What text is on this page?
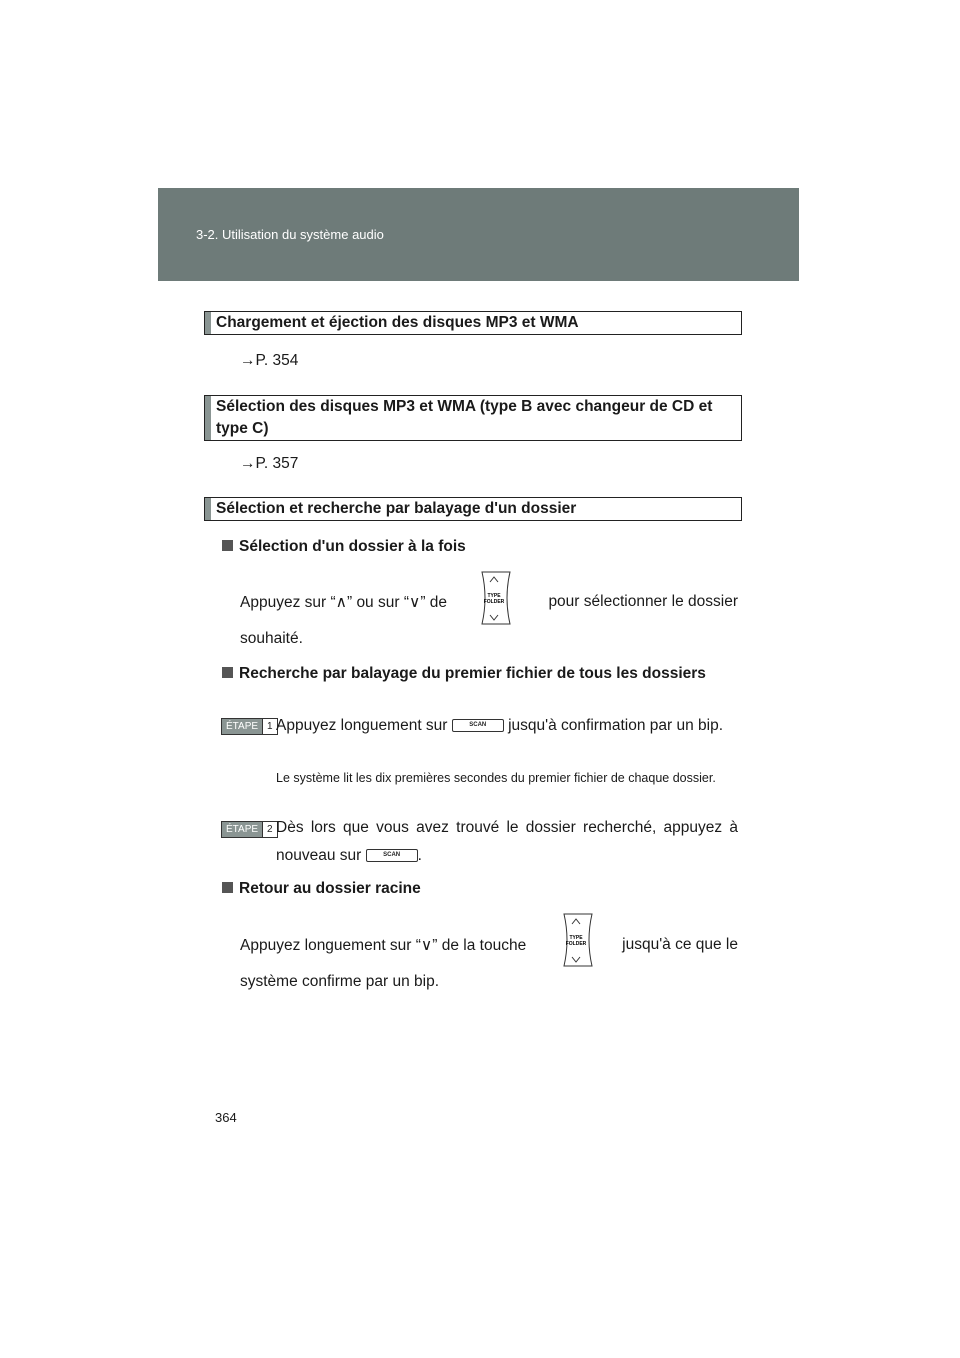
3-2. Utilisation du système audio
Chargement et éjection des disques MP3 et WMA
→P. 354
Sélection des disques MP3 et WMA (type B avec changeur de CD et type C)
→P. 357
Sélection et recherche par balayage d'un dossier
Sélection d'un dossier à la fois
Appuyez sur “∧” ou sur “∨” de	TYPE
FOLDER	pour sélectionner le dossier
souhaité.
Recherche par balayage du premier fichier de tous les dossiers
ÉTAPE 1 Appuyez longuement sur	SCAN jusqu'à confirmation par un bip.
Le système lit les dix premières secondes du premier fichier de chaque dossier.
ÉTAPE 2 Dès lors que vous avez trouvé le dossier recherché, appuyez à nouveau sur	SCAN .
Retour au dossier racine
Appuyez longuement sur “∨” de la touche	TYPE
FOLDER	jusqu'à ce que le
système confirme par un bip.
364
